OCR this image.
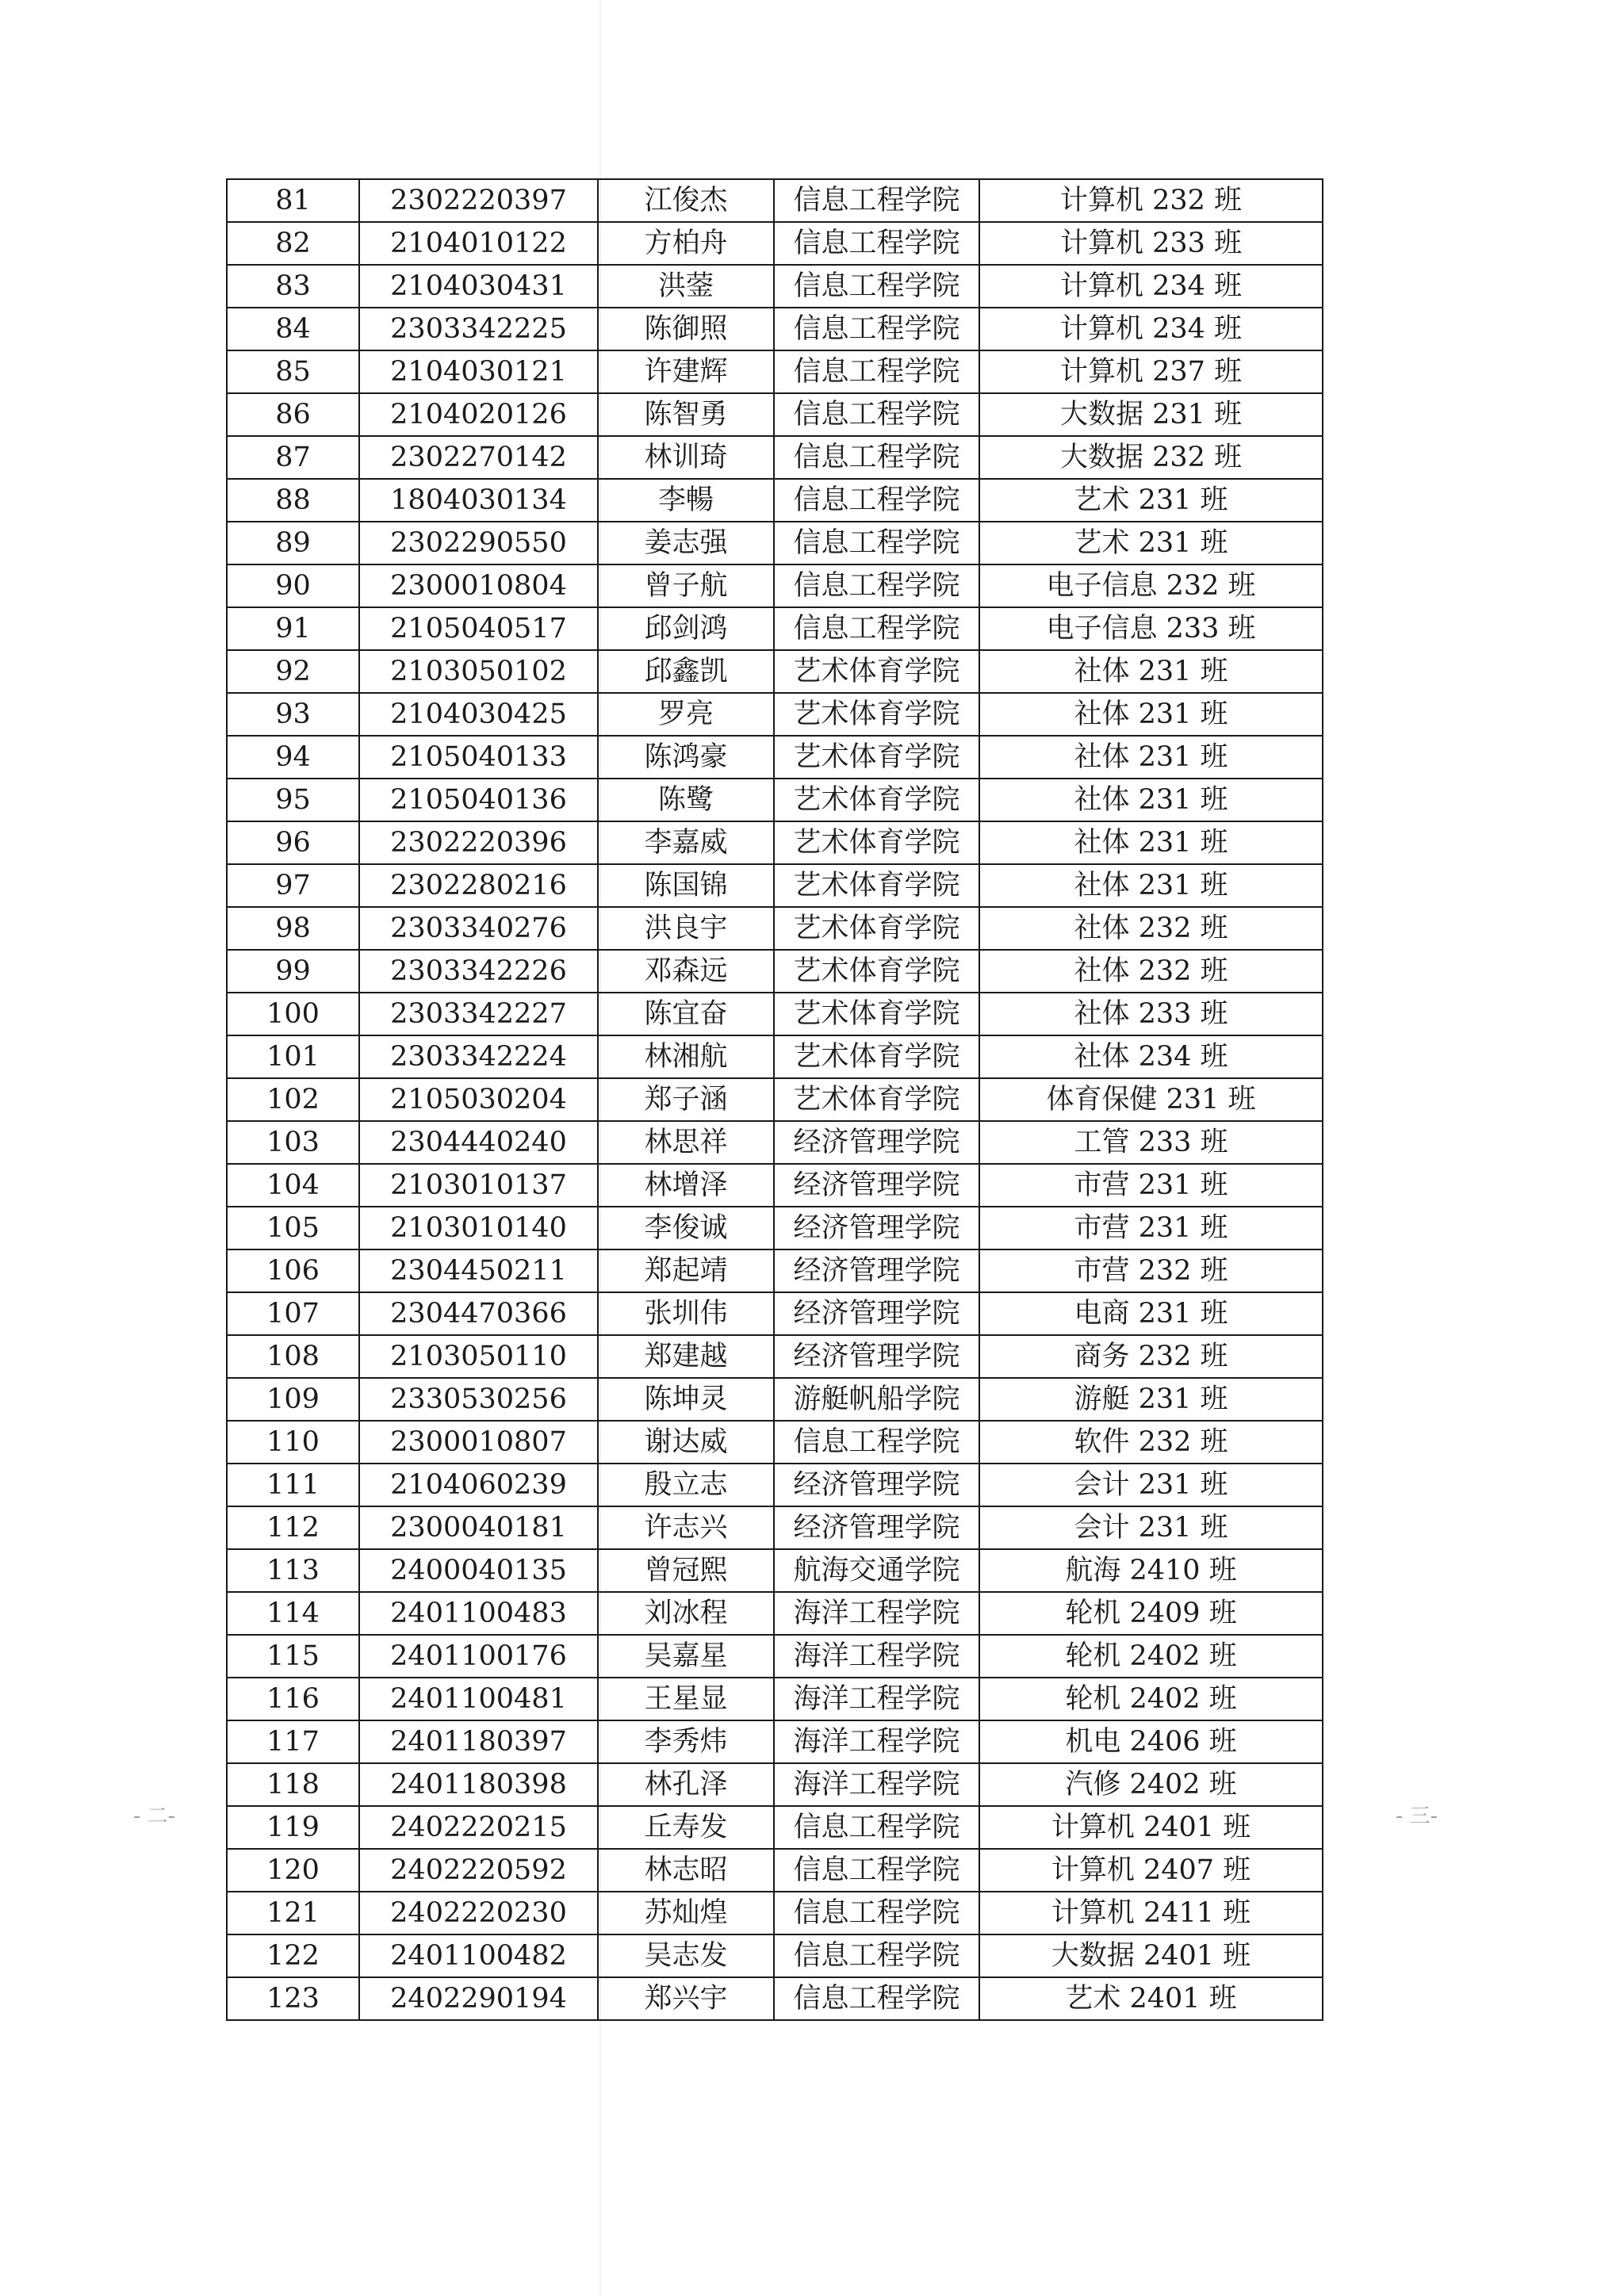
81	2302220397	江俊杰	信息工程学院	计算机 232 班
82	2104010122	方柏舟	信息工程学院	计算机 233 班
83	2104030431	洪蓥	信息工程学院	计算机 234 班
84	2303342225	陈御照	信息工程学院	计算机 234 班
85	2104030121	许建辉	信息工程学院	计算机 237 班
86	2104020126	陈智勇	信息工程学院	大数据 231 班
87	2302270142	林训琦	信息工程学院	大数据 232 班
88	1804030134	李暢	信息工程学院	艺术 231 班
89	2302290550	姜志强	信息工程学院	艺术 231 班
90	2300010804	曾子航	信息工程学院	电子信息 232 班
91	2105040517	邱剑鸿	信息工程学院	电子信息 233 班
92	2103050102	邱鑫凯	艺术体育学院	社体 231 班
93	2104030425	罗亮	艺术体育学院	社体 231 班
94	2105040133	陈鸿豪	艺术体育学院	社体 231 班
95	2105040136	陈鹭	艺术体育学院	社体 231 班
96	2302220396	李嘉威	艺术体育学院	社体 231 班
97	2302280216	陈国锦	艺术体育学院	社体 231 班
98	2303340276	洪良宇	艺术体育学院	社体 232 班
99	2303342226	邓森远	艺术体育学院	社体 232 班
100	2303342227	陈宜奋	艺术体育学院	社体 233 班
101	2303342224	林湘航	艺术体育学院	社体 234 班
102	2105030204	郑子涵	艺术体育学院	体育保健 231 班
103	2304440240	林思祥	经济管理学院	工管 233 班
104	2103010137	林增泽	经济管理学院	市营 231 班
105	2103010140	李俊诚	经济管理学院	市营 231 班
106	2304450211	郑起靖	经济管理学院	市营 232 班
107	2304470366	张圳伟	经济管理学院	电商 231 班
108	2103050110	郑建越	经济管理学院	商务 232 班
109	2330530256	陈坤灵	游艇帆船学院	游艇 231 班
110	2300010807	谢达威	信息工程学院	软件 232 班
111	2104060239	殷立志	经济管理学院	会计 231 班
112	2300040181	许志兴	经济管理学院	会计 231 班
113	2400040135	曾冠熙	航海交通学院	航海 2410 班
114	2401100483	刘冰程	海洋工程学院	轮机 2409 班
115	2401100176	吴嘉星	海洋工程学院	轮机 2402 班
116	2401100481	王星显	海洋工程学院	轮机 2402 班
117	2401180397	李秀炜	海洋工程学院	机电 2406 班
118	2401180398	林孔泽	海洋工程学院	汽修 2402 班
119	2402220215	丘寿发	信息工程学院	计算机 2401 班
120	2402220592	林志昭	信息工程学院	计算机 2407 班
121	2402220230	苏灿煌	信息工程学院	计算机 2411 班
122	2401100482	吴志发	信息工程学院	大数据 2401 班
123	2402290194	郑兴宇	信息工程学院	艺术 2401 班
- 二-	- 三-
